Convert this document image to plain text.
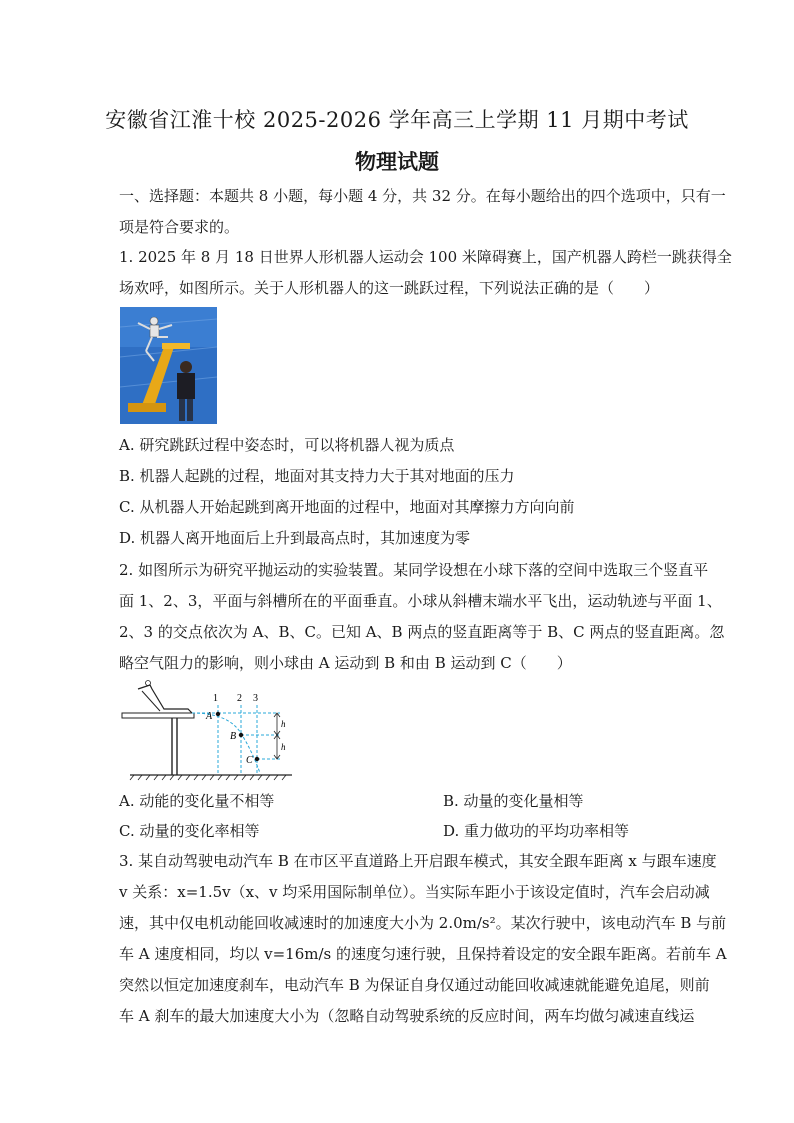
安徽省江淮十校 2025-2026 学年高三上学期 11 月期中考试
物理试题
一、选择题：本题共 8 小题，每小题 4 分，共 32 分。在每小题给出的四个选项中，只有一
项是符合要求的。
1. 2025 年 8 月 18 日世界人形机器人运动会 100 米障碍赛上，国产机器人跨栏一跳获得全
场欢呼，如图所示。关于人形机器人的这一跳跃过程，下列说法正确的是（　　）
A. 研究跳跃过程中姿态时，可以将机器人视为质点
B. 机器人起跳的过程，地面对其支持力大于其对地面的压力
C. 从机器人开始起跳到离开地面的过程中，地面对其摩擦力方向向前
D. 机器人离开地面后上升到最高点时，其加速度为零
2. 如图所示为研究平抛运动的实验装置。某同学设想在小球下落的空间中选取三个竖直平
面 1、2、3，平面与斜槽所在的平面垂直。小球从斜槽末端水平飞出，运动轨迹与平面 1、
2、3 的交点依次为 A、B、C。已知 A、B 两点的竖直距离等于 B、C 两点的竖直距离。忽
略空气阻力的影响，则小球由 A 运动到 B 和由 B 运动到 C（　　）
1 2 3
A
B
C
h
h
A. 动能的变化量不相等	B. 动量的变化量相等
C. 动量的变化率相等	D. 重力做功的平均功率相等
3. 某自动驾驶电动汽车 B 在市区平直道路上开启跟车模式，其安全跟车距离 x 与跟车速度
v 关系：x=1.5v（x、v 均采用国际制单位）。当实际车距小于该设定值时，汽车会启动减
速，其中仅电机动能回收减速时的加速度大小为 2.0m/s²。某次行驶中，该电动汽车 B 与前
车 A 速度相同，均以 v=16m/s 的速度匀速行驶，且保持着设定的安全跟车距离。若前车 A
突然以恒定加速度刹车，电动汽车 B 为保证自身仅通过动能回收减速就能避免追尾，则前
车 A 刹车的最大加速度大小为（忽略自动驾驶系统的反应时间，两车均做匀减速直线运
